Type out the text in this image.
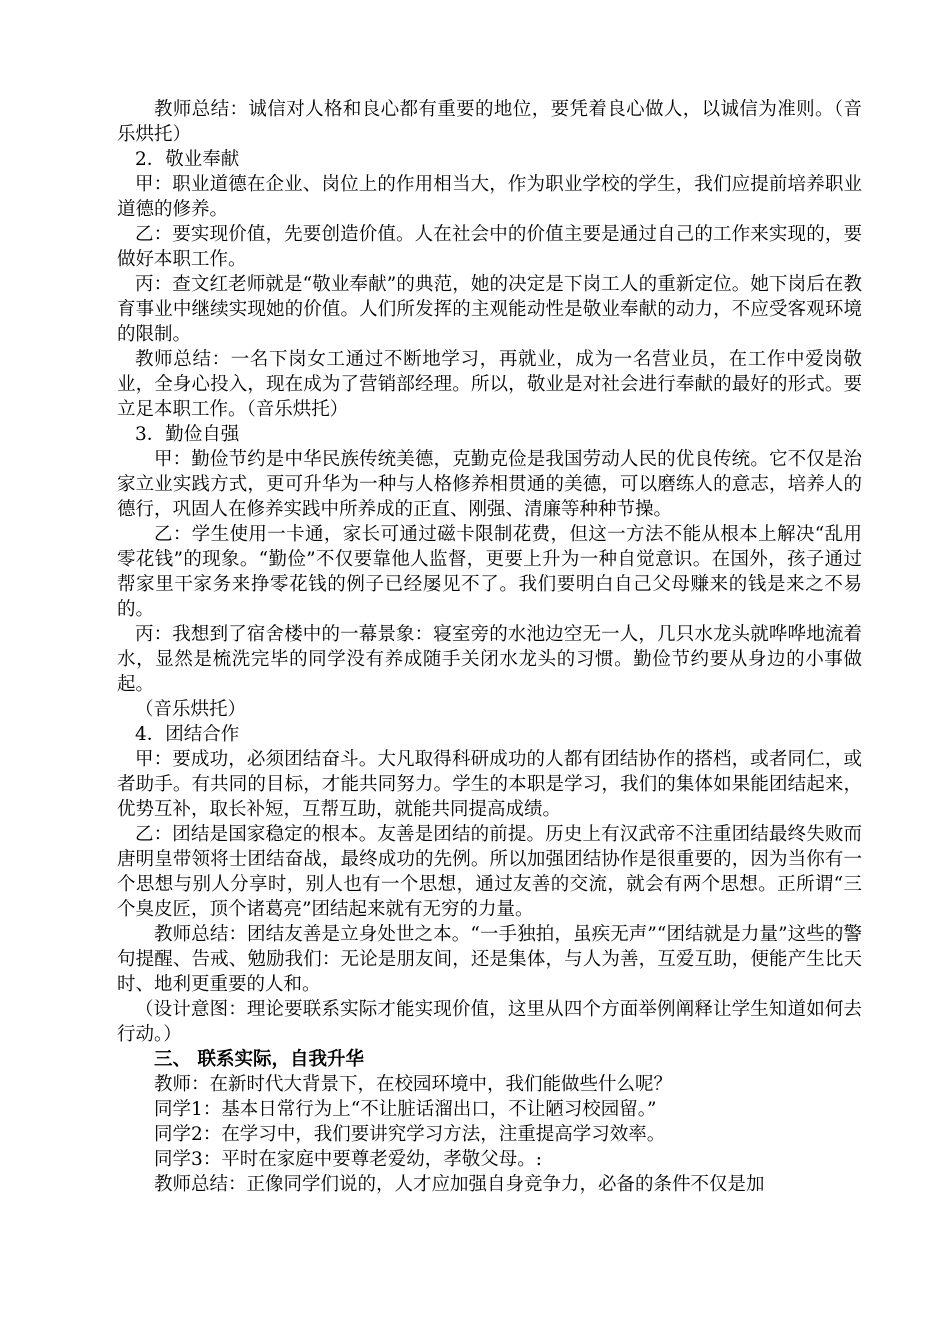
教师总结：诚信对人格和良心都有重要的地位，要凭着良心做人，以诚信为准则。（音乐烘托）

2．敬业奉献

甲：职业道德在企业、岗位上的作用相当大，作为职业学校的学生，我们应提前培养职业道德的修养。

乙：要实现价值，先要创造价值。人在社会中的价值主要是通过自己的工作来实现的，要做好本职工作。

丙：查文红老师就是“敬业奉献”的典范，她的决定是下岗工人的重新定位。她下岗后在教育事业中继续实现她的价值。人们所发挥的主观能动性是敬业奉献的动力，不应受客观环境的限制。

教师总结：一名下岗女工通过不断地学习，再就业，成为一名营业员，在工作中爱岗敬业，全身心投入，现在成为了营销部经理。所以，敬业是对社会进行奉献的最好的形式。要立足本职工作。（音乐烘托）

3．勤俭自强

甲：勤俭节约是中华民族传统美德，克勤克俭是我国劳动人民的优良传统。它不仅是治家立业实践方式，更可升华为一种与人格修养相贯通的美德，可以磨练人的意志，培养人的德行，巩固人在修养实践中所养成的正直、刚强、清廉等种种节操。

乙：学生使用一卡通，家长可通过磁卡限制花费，但这一方法不能从根本上解决“乱用零花钱”的现象。“勤俭”不仅要靠他人监督，更要上升为一种自觉意识。在国外，孩子通过帮家里干家务来挣零花钱的例子已经屡见不了。我们要明白自己父母赚来的钱是来之不易的。

丙：我想到了宿舍楼中的一幕景象：寝室旁的水池边空无一人，几只水龙头就哗哗地流着水，显然是梳洗完毕的同学没有养成随手关闭水龙头的习惯。勤俭节约要从身边的小事做起。

（音乐烘托）

4．团结合作

甲：要成功，必须团结奋斗。大凡取得科研成功的人都有团结协作的搭档，或者同仁，或者助手。有共同的目标，才能共同努力。学生的本职是学习，我们的集体如果能团结起来，优势互补，取长补短，互帮互助，就能共同提高成绩。

乙：团结是国家稳定的根本。友善是团结的前提。历史上有汉武帝不注重团结最终失败而唐明皇带领将士团结奋战，最终成功的先例。所以加强团结协作是很重要的，因为当你有一个思想与别人分享时，别人也有一个思想，通过友善的交流，就会有两个思想。正所谓“三个臭皮匠，顶个诸葛亮”团结起来就有无穷的力量。

教师总结：团结友善是立身处世之本。“一手独拍，虽疾无声”“团结就是力量”这些的警句提醒、告戒、勉励我们：无论是朋友间，还是集体，与人为善，互爱互助，便能产生比天时、地利更重要的人和。

（设计意图：理论要联系实际才能实现价值，这里从四个方面举例阐释让学生知道如何去行动。）

三、 联系实际，自我升华

教师：在新时代大背景下，在校园环境中，我们能做些什么呢？

同学1：基本日常行为上“不让脏话溜出口，不让陋习校园留。”

同学2：在学习中，我们要讲究学习方法，注重提高学习效率。

同学3：平时在家庭中要尊老爱幼，孝敬父母。:

教师总结：正像同学们说的，人才应加强自身竞争力，必备的条件不仅是加
